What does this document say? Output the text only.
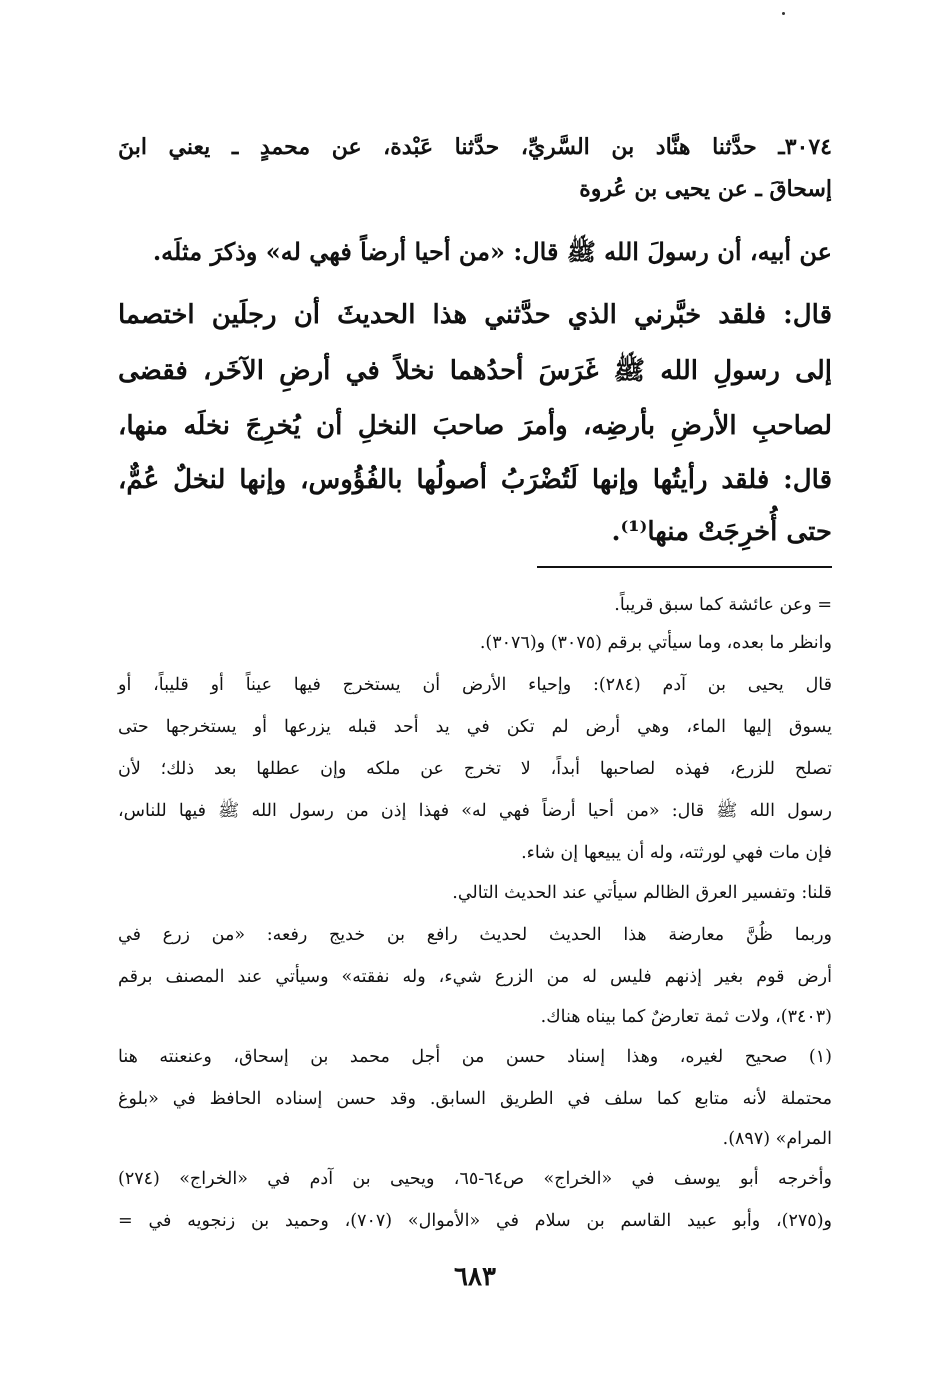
٣٠٧٤ـ حدَّثنا هنَّاد بن السَّريِّ، حدَّثنا عَبْدة، عن محمدٍ ـ يعني ابنَ
إسحاقَ ـ عن يحيى بن عُروة
عن أبيه، أن رسولَ الله ﷺ قال: «من أحيا أرضاً فهي له» وذكرَ مثلَه.
قال: فلقد خبَّرني الذي حدَّثني هذا الحديثَ أن رجلَين اختصما
إلى رسولِ الله ﷺ غَرَسَ أحدُهما نخلاً في أرضِ الآخَر، فقضى
لصاحبِ الأرضِ بأرضِه، وأمرَ صاحبَ النخلِ أن يُخرِجَ نخلَه منها،
قال: فلقد رأيتُها وإنها لَتُضْرَبُ أصولُها بالفُؤُوس، وإنها لنخلٌ عُمٌّ،
حتى أُخرِجَتْ منها⁽¹⁾.
= وعن عائشة كما سبق قريباً.
وانظر ما بعده، وما سيأتي برقم (٣٠٧٥) و(٣٠٧٦).
قال يحيى بن آدم (٢٨٤): وإحياء الأرض أن يستخرج فيها عيناً أو قليباً، أو
يسوق إليها الماء، وهي أرض لم تكن في يد أحد قبله يزرعها أو يستخرجها حتى
تصلح للزرع، فهذه لصاحبها أبداً، لا تخرج عن ملكه وإن عطلها بعد ذلك؛ لأن
رسول الله ﷺ قال: «من أحيا أرضاً فهي له» فهذا إذن من رسول الله ﷺ فيها للناس،
فإن مات فهي لورثته، وله أن يبيعها إن شاء.
قلنا: وتفسير العرق الظالم سيأتي عند الحديث التالي.
وربما ظُنَّ معارضة هذا الحديث لحديث رافع بن خديج رفعه: «من زرع في
أرض قوم بغير إذنهم فليس له من الزرع شيء، وله نفقته» وسيأتي عند المصنف برقم
(٣٤٠٣)، ولات ثمة تعارضٌ كما بيناه هناك.
(١) صحيح لغيره، وهذا إسناد حسن من أجل محمد بن إسحاق، وعنعنته هنا
محتملة لأنه متابع كما سلف في الطريق السابق. وقد حسن إسناده الحافظ في «بلوغ
المرام» (٨٩٧).
وأخرجه أبو يوسف في «الخراج» ص٦٤-٦٥، ويحيى بن آدم في «الخراج» (٢٧٤)
و(٢٧٥)، وأبو عبيد القاسم بن سلام في «الأموال» (٧٠٧)، وحميد بن زنجويه في =
٦٨٣
